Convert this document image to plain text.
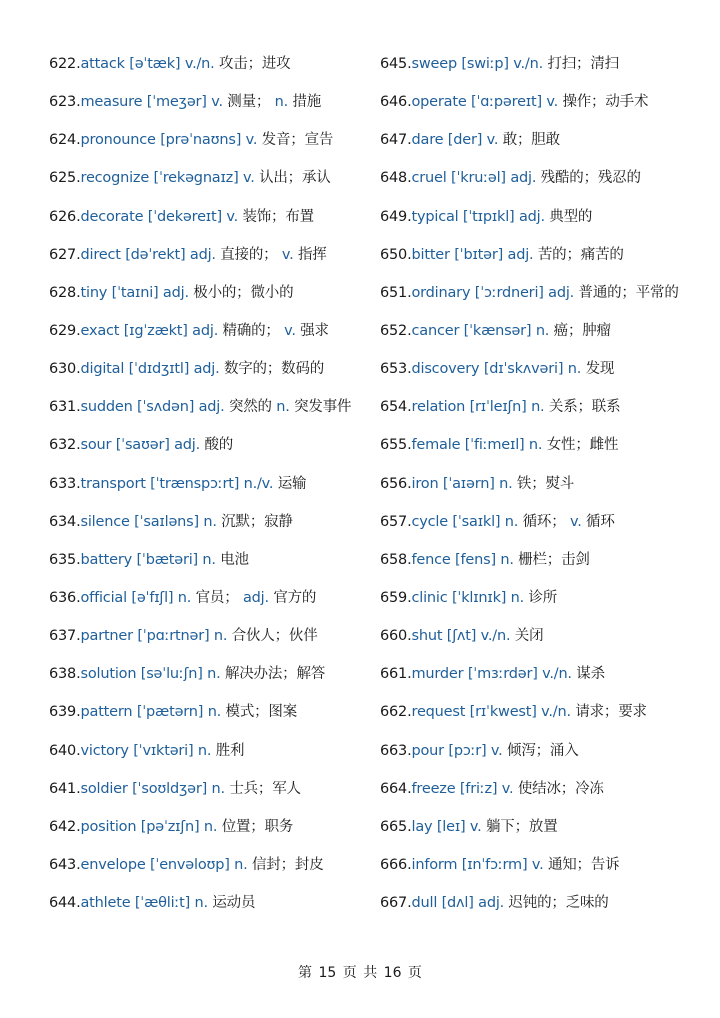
622.attack [əˈtæk] v./n. 攻击；进攻
623.measure [ˈmeʒər] v. 测量； n. 措施
624.pronounce [prəˈnaʊns] v. 发音；宣告
625.recognize [ˈrekəgnaɪz] v. 认出；承认
626.decorate [ˈdekəreɪt] v. 装饰；布置
627.direct [dəˈrekt] adj. 直接的； v. 指挥
628.tiny [ˈtaɪni] adj. 极小的；微小的
629.exact [ɪgˈzækt] adj. 精确的； v. 强求
630.digital [ˈdɪdʒɪtl] adj. 数字的；数码的
631.sudden [ˈsʌdən] adj. 突然的 n. 突发事件
632.sour [ˈsaʊər] adj. 酸的
633.transport [ˈtrænspɔːrt] n./v. 运输
634.silence [ˈsaɪləns] n. 沉默；寂静
635.battery [ˈbætəri] n. 电池
636.official [əˈfɪʃl] n. 官员； adj. 官方的
637.partner [ˈpɑːrtnər] n. 合伙人；伙伴
638.solution [səˈluːʃn] n. 解决办法；解答
639.pattern [ˈpætərn] n. 模式；图案
640.victory [ˈvɪktəri] n. 胜利
641.soldier [ˈsoʊldʒər] n. 士兵；军人
642.position [pəˈzɪʃn] n. 位置；职务
643.envelope [ˈenvəloʊp] n. 信封；封皮
644.athlete [ˈæθliːt] n. 运动员
645.sweep [swiːp] v./n. 打扫；清扫
646.operate [ˈɑːpəreɪt] v. 操作；动手术
647.dare [der] v. 敢；胆敢
648.cruel [ˈkruːəl] adj. 残酷的；残忍的
649.typical [ˈtɪpɪkl] adj. 典型的
650.bitter [ˈbɪtər] adj. 苦的；痛苦的
651.ordinary [ˈɔːrdneri] adj. 普通的；平常的
652.cancer [ˈkænsər] n. 癌；肿瘤
653.discovery [dɪˈskʌvəri] n. 发现
654.relation [rɪˈleɪʃn] n. 关系；联系
655.female [ˈfiːmeɪl] n. 女性；雌性
656.iron [ˈaɪərn] n. 铁；熨斗
657.cycle [ˈsaɪkl] n. 循环； v. 循环
658.fence [fens] n. 栅栏；击剑
659.clinic [ˈklɪnɪk] n. 诊所
660.shut [ʃʌt] v./n. 关闭
661.murder [ˈmɜːrdər] v./n. 谋杀
662.request [rɪˈkwest] v./n. 请求；要求
663.pour [pɔːr] v. 倾泻；涌入
664.freeze [friːz] v. 使结冰；冷冻
665.lay [leɪ] v. 躺下；放置
666.inform [ɪnˈfɔːrm] v. 通知；告诉
667.dull [dʌl] adj. 迟钝的；乏味的
第 15 页 共 16 页
